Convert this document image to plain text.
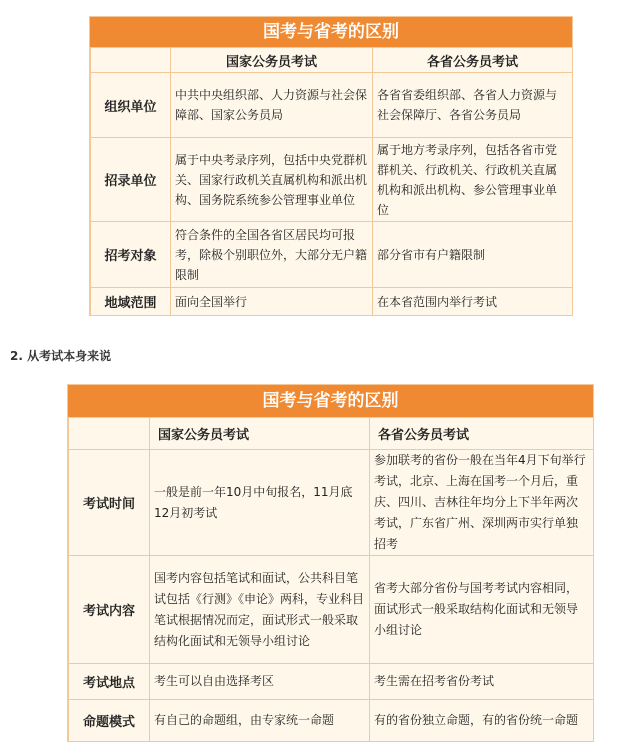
国考与省考的区别
	国家公务员考试	各省公务员考试
组织单位	中共中央组织部、人力资源与社会保障部、国家公务员局	各省省委组织部、各省人力资源与社会保障厅、各省公务员局
招录单位	属于中央考录序列，包括中央党群机关、国家行政机关直属机构和派出机构、国务院系统参公管理事业单位	属于地方考录序列，包括各省市党群机关、行政机关、行政机关直属机构和派出机构、参公管理事业单位
招考对象	符合条件的全国各省区居民均可报考，除极个别职位外，大部分无户籍限制	部分省市有户籍限制
地域范围	面向全国举行	在本省范围内举行考试
2. 从考试本身来说
国考与省考的区别
	国家公务员考试	各省公务员考试
考试时间	一般是前一年10月中旬报名，11月底12月初考试	参加联考的省份一般在当年4月下旬举行考试，北京、上海在国考一个月后，重庆、四川、吉林往年均分上下半年两次考试，广东省广州、深圳两市实行单独招考
考试内容	国考内容包括笔试和面试，公共科目笔试包括《行测》《申论》两科，专业科目笔试根据情况而定，面试形式一般采取结构化面试和无领导小组讨论	省考大部分省份与国考考试内容相同，面试形式一般采取结构化面试和无领导小组讨论
考试地点	考生可以自由选择考区	考生需在招考省份考试
命题模式	有自己的命题组，由专家统一命题	有的省份独立命题，有的省份统一命题
